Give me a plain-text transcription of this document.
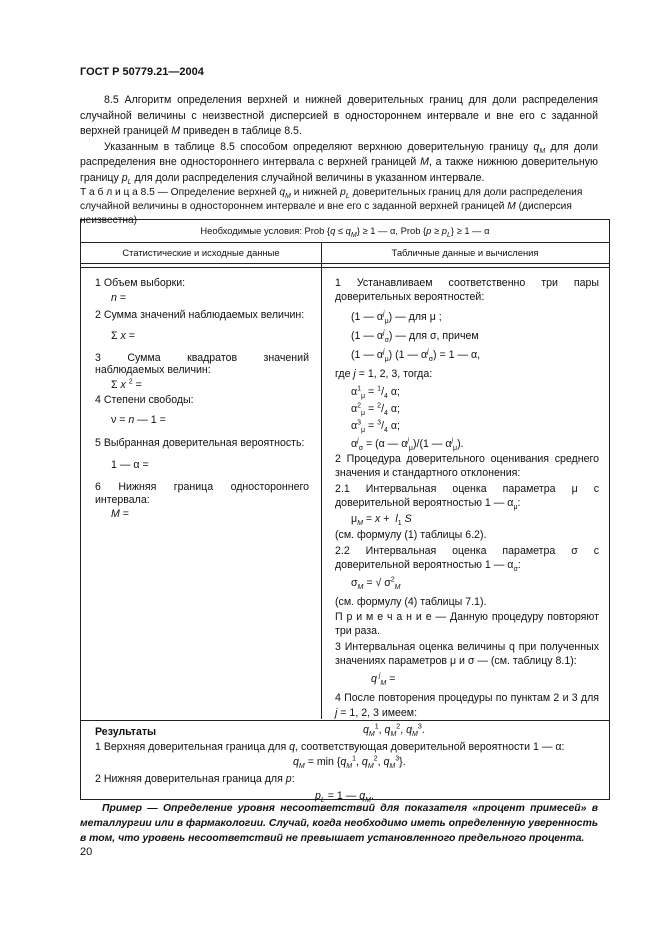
ГОСТ Р 50779.21—2004

8.5 Алгоритм определения верхней и нижней доверительных границ для доли распределения случайной величины с неизвестной дисперсией в одностороннем интервале и вне его с заданной верхней границей M приведен в таблице 8.5.

Указанным в таблице 8.5 способом определяют верхнюю доверительную границу $q_M$ для доли распределения вне одностороннего интервала с верхней границей M, а также нижнюю доверительную границу $p_L$ для доли распределения случайной величины в указанном интервале.

Т а б л и ц а 8.5 — Определение верхней $q_M$ и нижней $p_L$ доверительных границ для доли распределения случайной величины в одностороннем интервале и вне его с заданной верхней границей M (дисперсия неизвестна)
Необходимые условия: Prob $\{q \le q_M\} \ge 1$ — α, Prob $\{p \ge p_L\} \ge 1$ — α
Статистические и исходные данные	Табличные данные и вычисления
1 Объем выборки:
n =
2 Сумма значений наблюдаемых величин:
Σ x =
3 Сумма квадратов значений наблюдаемых величин:
Σ x $^2$ =
4 Степени свободы:
ν = n — 1 =
5 Выбранная доверительная вероятность:
1 — α =
6 Нижняя граница одностороннего интервала:
M =
1 Устанавливаем соответственно три пары доверительных вероятностей:
(1 — $\alpha^j_\mu$) — для μ ;
(1 — $\alpha^j_\sigma$) — для σ, причем
(1 — $\alpha^j_\mu$) (1 — $\alpha^j_\sigma) = 1$ — α,
где j = 1, 2, 3, тогда:
$\alpha^1_\mu = ^1/_4$ α;
$\alpha^2_\mu = ^2/_4$ α;
$\alpha^3_\mu = ^3/_4$ α;
$\alpha^j_\sigma = (\alpha$ — $\alpha^j_\mu)/(1$ — $\alpha^j_\mu$).
2 Процедура доверительного оценивания среднего значения и стандартного отклонения:
2.1 Интервальная оценка параметра μ с доверительной вероятностью 1 — $\alpha_\mu$:
$\mu_M = x + l_1$ S
(см. формулу (1) таблицы 6.2).
2.2 Интервальная оценка параметра σ с доверительной вероятностью 1 — $\alpha_\sigma$:
$\sigma_M$ = √ $\sigma^2_M$
(см. формулу (4) таблицы 7.1).
П р и м е ч а н и е — Данную процедуру повторяют три раза.
3 Интервальная оценка величины q при полученных значениях параметров μ и σ — (см. таблицу 8.1):
q $^j_M$ =
4 После повторения процедуры по пунктам 2 и 3 для j = 1, 2, 3 имеем:
$q_M^1$, $q_M^2$, $q_M^3$.
Результаты
1 Верхняя доверительная граница для q, соответствующая доверительной вероятности 1 — α:
$q_M = \min \{q_M^1$, $q_M^2$, $q_M^3$}.
2 Нижняя доверительная граница для p:
$p_L = 1$ — $q_M$.
Пример — Определение уровня несоответствий для показателя «процент примесей» в металлургии или в фармакологии. Случай, когда необходимо иметь определенную уверенность в том, что уровень несоответствий не превышает установленного предельного процента.
20
